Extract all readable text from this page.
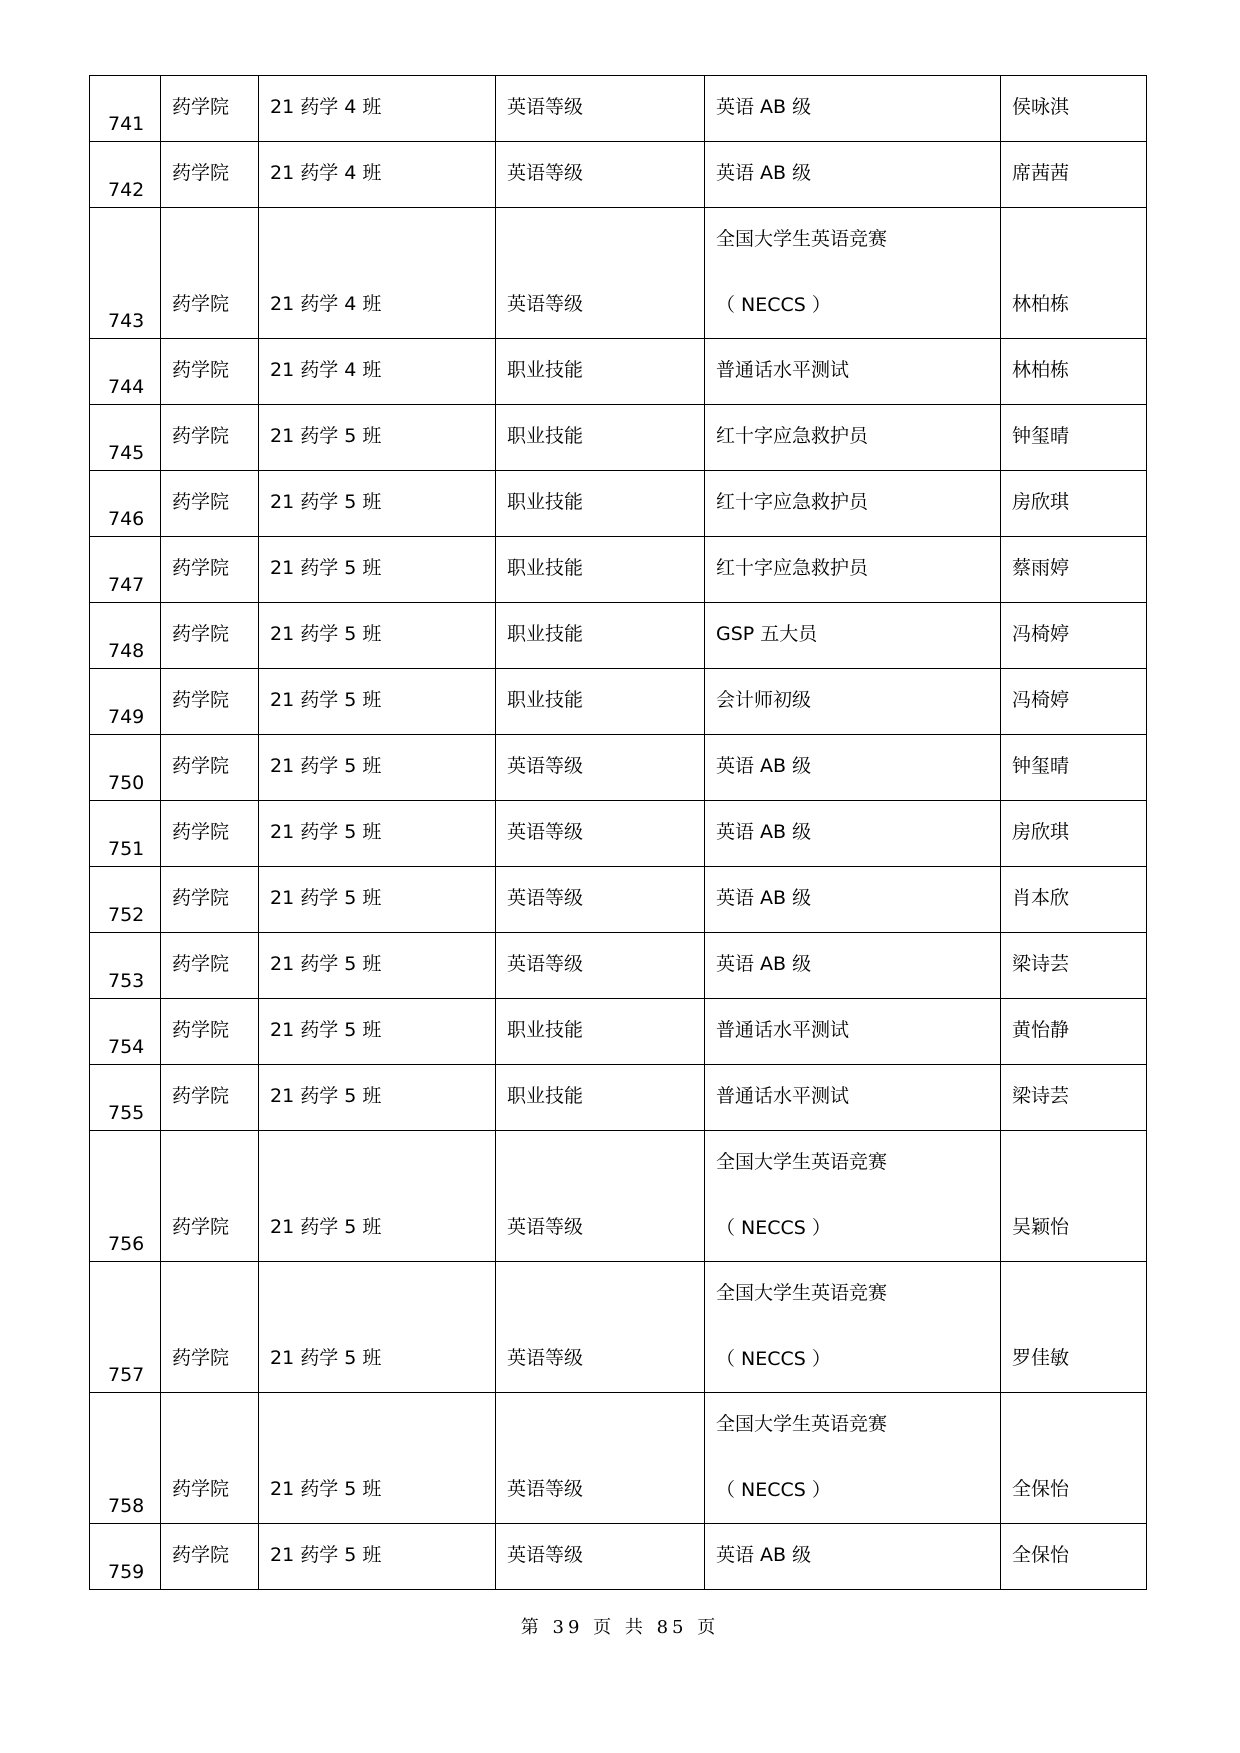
741	药学院	21 药学 4 班	英语等级	英语 AB 级	侯咏淇

742	药学院	21 药学 4 班	英语等级	英语 AB 级	席茜茜

743	药学院	21 药学 4 班	英语等级	全国大学生英语竞赛
（ NECCS ）	林柏栋

744	药学院	21 药学 4 班	职业技能	普通话水平测试	林柏栋

745	药学院	21 药学 5 班	职业技能	红十字应急救护员	钟玺晴

746	药学院	21 药学 5 班	职业技能	红十字应急救护员	房欣琪

747	药学院	21 药学 5 班	职业技能	红十字应急救护员	蔡雨婷

748	药学院	21 药学 5 班	职业技能	GSP 五大员	冯椅婷

749	药学院	21 药学 5 班	职业技能	会计师初级	冯椅婷

750	药学院	21 药学 5 班	英语等级	英语 AB 级	钟玺晴

751	药学院	21 药学 5 班	英语等级	英语 AB 级	房欣琪

752	药学院	21 药学 5 班	英语等级	英语 AB 级	肖本欣

753	药学院	21 药学 5 班	英语等级	英语 AB 级	梁诗芸

754	药学院	21 药学 5 班	职业技能	普通话水平测试	黄怡静

755	药学院	21 药学 5 班	职业技能	普通话水平测试	梁诗芸

756	药学院	21 药学 5 班	英语等级	全国大学生英语竞赛
（ NECCS ）	吴颖怡

757	药学院	21 药学 5 班	英语等级	全国大学生英语竞赛
（ NECCS ）	罗佳敏

758	药学院	21 药学 5 班	英语等级	全国大学生英语竞赛
（ NECCS ）	全保怡

759	药学院	21 药学 5 班	英语等级	英语 AB 级	全保怡
第 39 页 共 85 页
